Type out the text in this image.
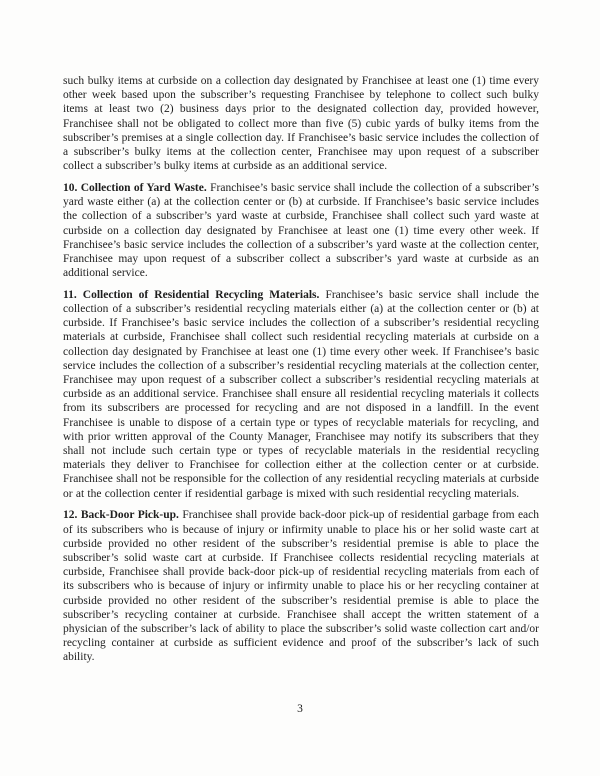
such bulky items at curbside on a collection day designated by Franchisee at least one (1) time every other week based upon the subscriber’s requesting Franchisee by telephone to collect such bulky items at least two (2) business days prior to the designated collection day, provided however, Franchisee shall not be obligated to collect more than five (5) cubic yards of bulky items from the subscriber’s premises at a single collection day. If Franchisee’s basic service includes the collection of a subscriber’s bulky items at the collection center, Franchisee may upon request of a subscriber collect a subscriber’s bulky items at curbside as an additional service.

10. Collection of Yard Waste. Franchisee’s basic service shall include the collection of a subscriber’s yard waste either (a) at the collection center or (b) at curbside. If Franchisee’s basic service includes the collection of a subscriber’s yard waste at curbside, Franchisee shall collect such yard waste at curbside on a collection day designated by Franchisee at least one (1) time every other week. If Franchisee’s basic service includes the collection of a subscriber’s yard waste at the collection center, Franchisee may upon request of a subscriber collect a subscriber’s yard waste at curbside as an additional service.

11. Collection of Residential Recycling Materials. Franchisee’s basic service shall include the collection of a subscriber’s residential recycling materials either (a) at the collection center or (b) at curbside. If Franchisee’s basic service includes the collection of a subscriber’s residential recycling materials at curbside, Franchisee shall collect such residential recycling materials at curbside on a collection day designated by Franchisee at least one (1) time every other week. If Franchisee’s basic service includes the collection of a subscriber’s residential recycling materials at the collection center, Franchisee may upon request of a subscriber collect a subscriber’s residential recycling materials at curbside as an additional service. Franchisee shall ensure all residential recycling materials it collects from its subscribers are processed for recycling and are not disposed in a landfill. In the event Franchisee is unable to dispose of a certain type or types of recyclable materials for recycling, and with prior written approval of the County Manager, Franchisee may notify its subscribers that they shall not include such certain type or types of recyclable materials in the residential recycling materials they deliver to Franchisee for collection either at the collection center or at curbside. Franchisee shall not be responsible for the collection of any residential recycling materials at curbside or at the collection center if residential garbage is mixed with such residential recycling materials.

12. Back-Door Pick-up. Franchisee shall provide back-door pick-up of residential garbage from each of its subscribers who is because of injury or infirmity unable to place his or her solid waste cart at curbside provided no other resident of the subscriber’s residential premise is able to place the subscriber’s solid waste cart at curbside. If Franchisee collects residential recycling materials at curbside, Franchisee shall provide back-door pick-up of residential recycling materials from each of its subscribers who is because of injury or infirmity unable to place his or her recycling container at curbside provided no other resident of the subscriber’s residential premise is able to place the subscriber’s recycling container at curbside. Franchisee shall accept the written statement of a physician of the subscriber’s lack of ability to place the subscriber’s solid waste collection cart and/or recycling container at curbside as sufficient evidence and proof of the subscriber’s lack of such ability.

3
